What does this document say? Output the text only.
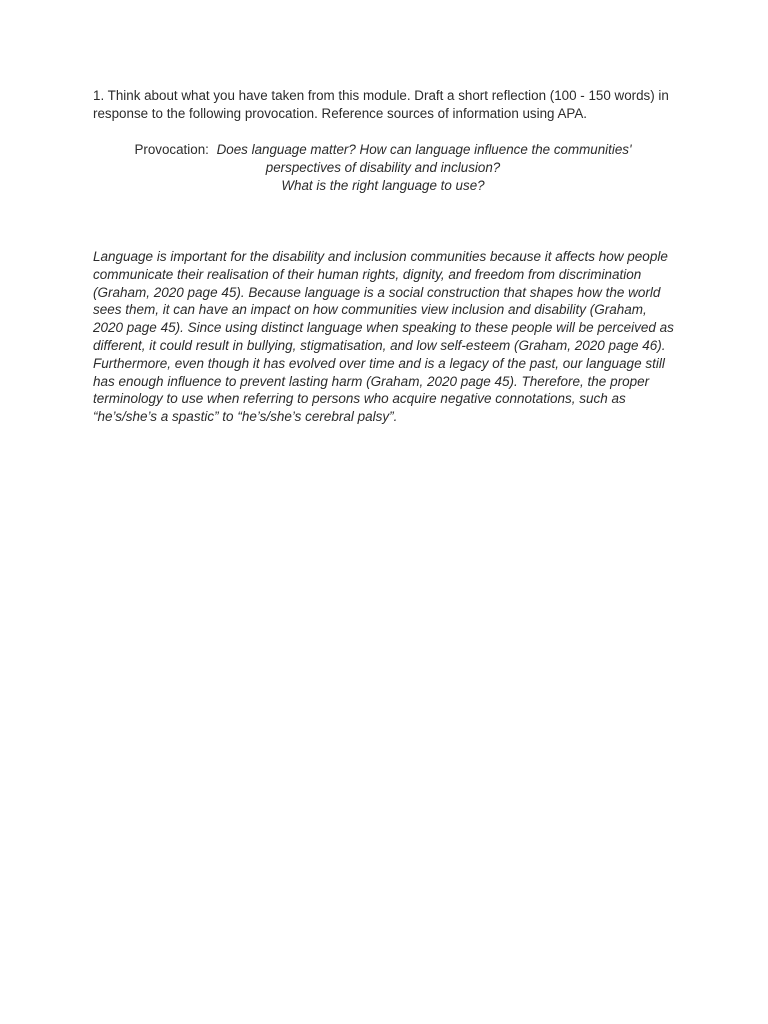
1. Think about what you have taken from this module. Draft a short reflection (100 - 150 words) in response to the following provocation. Reference sources of information using APA.

Provocation: Does language matter? How can language influence the communities'
perspectives of disability and inclusion?
What is the right language to use?

Language is important for the disability and inclusion communities because it affects how people communicate their realisation of their human rights, dignity, and freedom from discrimination (Graham, 2020 page 45). Because language is a social construction that shapes how the world sees them, it can have an impact on how communities view inclusion and disability (Graham, 2020 page 45). Since using distinct language when speaking to these people will be perceived as different, it could result in bullying, stigmatisation, and low self-esteem (Graham, 2020 page 46). Furthermore, even though it has evolved over time and is a legacy of the past, our language still has enough influence to prevent lasting harm (Graham, 2020 page 45). Therefore, the proper terminology to use when referring to persons who acquire negative connotations, such as “he’s/she’s a spastic” to “he’s/she’s cerebral palsy”.
